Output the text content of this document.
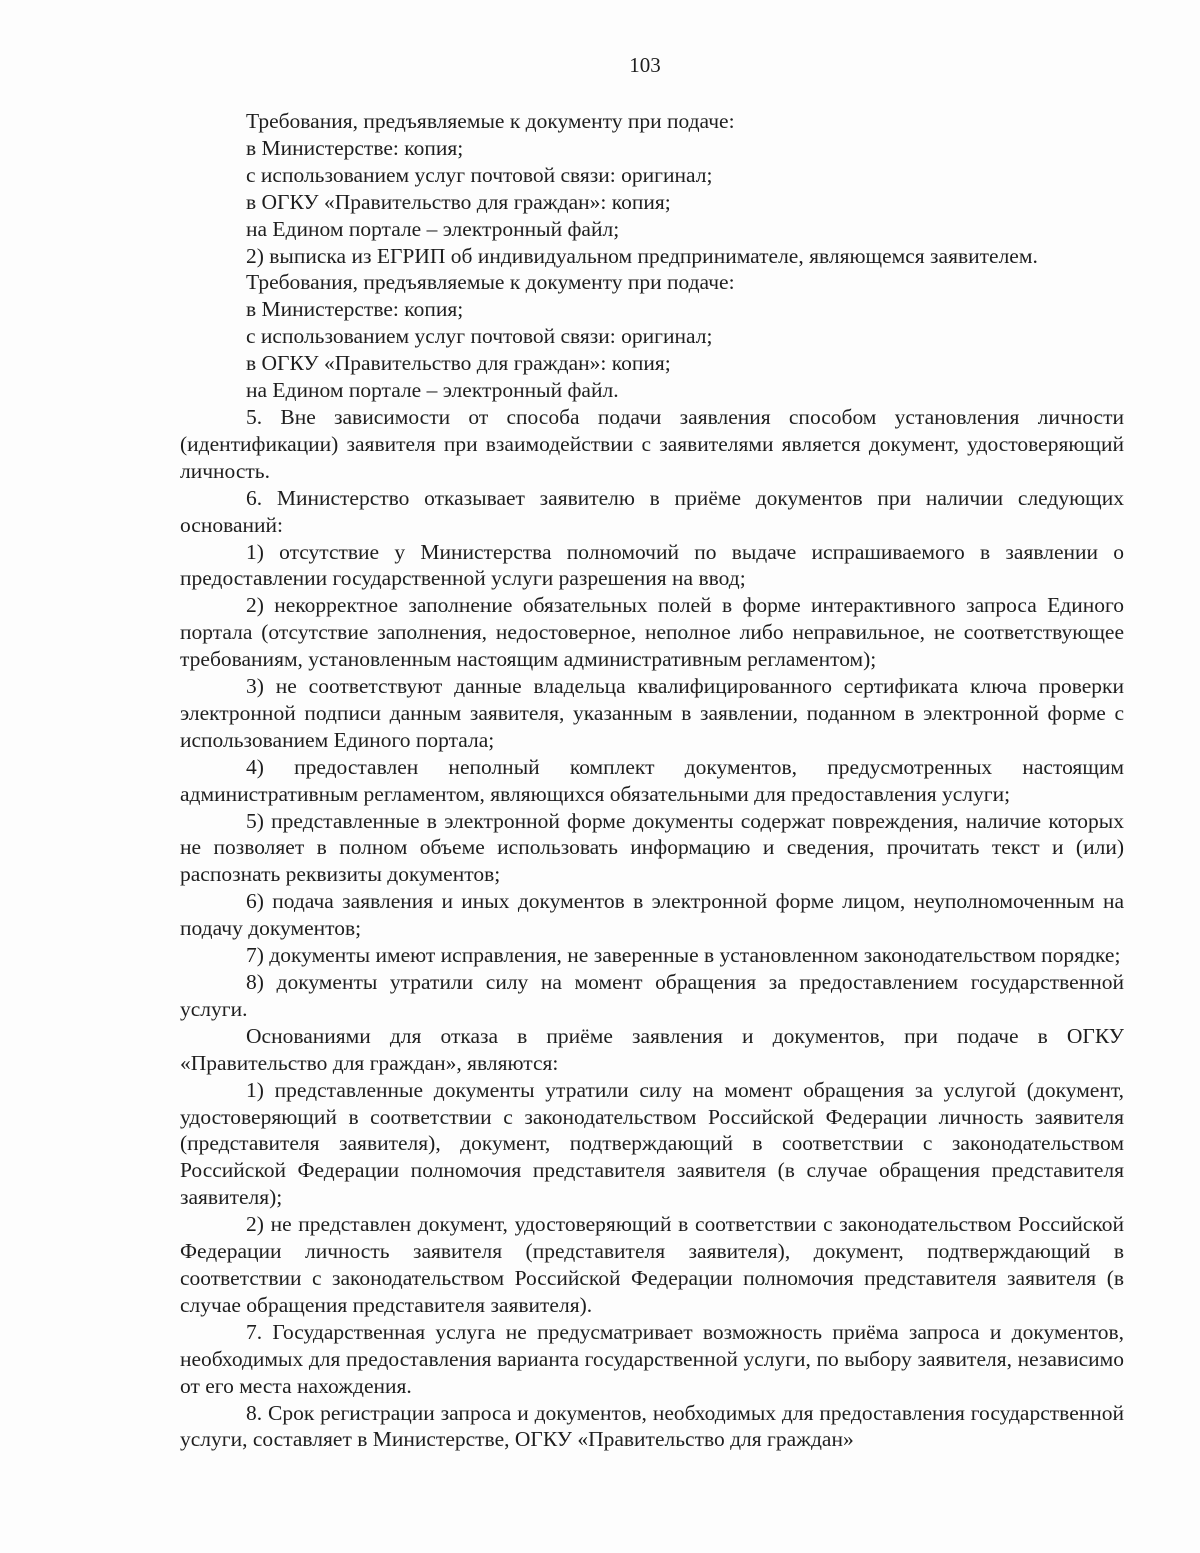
103

Требования, предъявляемые к документу при подаче:

в Министерстве: копия;

с использованием услуг почтовой связи: оригинал;

в ОГКУ «Правительство для граждан»: копия;

на Едином портале – электронный файл;

2) выписка из ЕГРИП об индивидуальном предпринимателе, являющемся заявителем.

Требования, предъявляемые к документу при подаче:

в Министерстве: копия;

с использованием услуг почтовой связи: оригинал;

в ОГКУ «Правительство для граждан»: копия;

на Едином портале – электронный файл.

5. Вне зависимости от способа подачи заявления способом установления личности (идентификации) заявителя при взаимодействии с заявителями является документ, удостоверяющий личность.

6. Министерство отказывает заявителю в приёме документов при наличии следующих оснований:

1) отсутствие у Министерства полномочий по выдаче испрашиваемого в заявлении о предоставлении государственной услуги разрешения на ввод;

2) некорректное заполнение обязательных полей в форме интерактивного запроса Единого портала (отсутствие заполнения, недостоверное, неполное либо неправильное, не соответствующее требованиям, установленным настоящим административным регламентом);

3) не соответствуют данные владельца квалифицированного сертификата ключа проверки электронной подписи данным заявителя, указанным в заявлении, поданном в электронной форме с использованием Единого портала;

4) предоставлен неполный комплект документов, предусмотренных настоящим административным регламентом, являющихся обязательными для предоставления услуги;

5) представленные в электронной форме документы содержат повреждения, наличие которых не позволяет в полном объеме использовать информацию и сведения, прочитать текст и (или) распознать реквизиты документов;

6) подача заявления и иных документов в электронной форме лицом, неуполномоченным на подачу документов;

7) документы имеют исправления, не заверенные в установленном законодательством порядке;

8) документы утратили силу на момент обращения за предоставлением государственной услуги.

Основаниями для отказа в приёме заявления и документов, при подаче в ОГКУ «Правительство для граждан», являются:

1) представленные документы утратили силу на момент обращения за услугой (документ, удостоверяющий в соответствии с законодательством Российской Федерации личность заявителя (представителя заявителя), документ, подтверждающий в соответствии с законодательством Российской Федерации полномочия представителя заявителя (в случае обращения представителя заявителя);

2) не представлен документ, удостоверяющий в соответствии с законодательством Российской Федерации личность заявителя (представителя заявителя), документ, подтверждающий в соответствии с законодательством Российской Федерации полномочия представителя заявителя (в случае обращения представителя заявителя).

7. Государственная услуга не предусматривает возможность приёма запроса и документов, необходимых для предоставления варианта государственной услуги, по выбору заявителя, независимо от его места нахождения.

8. Срок регистрации запроса и документов, необходимых для предоставления государственной услуги, составляет в Министерстве, ОГКУ «Правительство для граждан»
